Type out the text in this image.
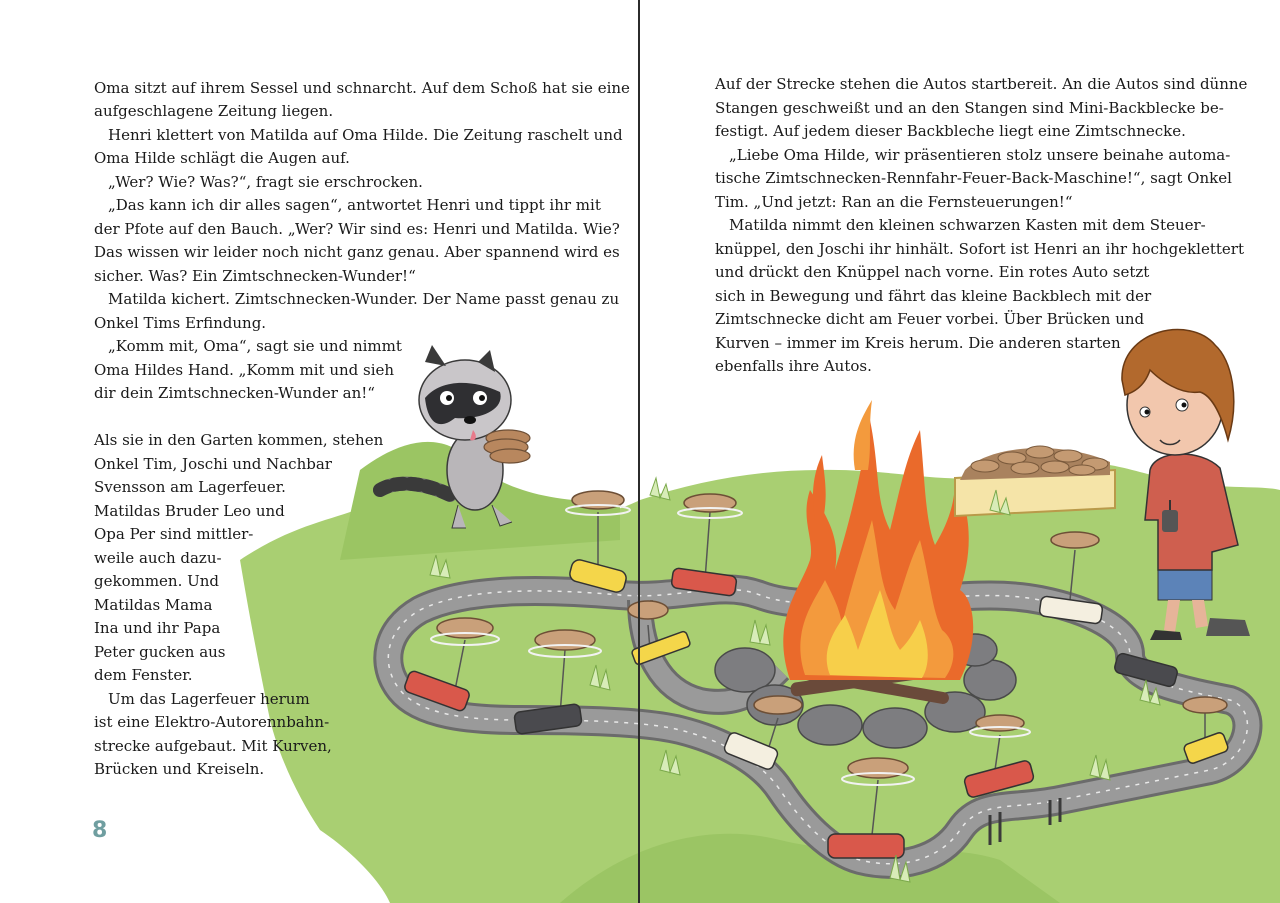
Oma sitzt auf ihrem Sessel und schnarcht. Auf dem Schoß hat sie eine
aufgeschlagene Zeitung liegen.
Henri klettert von Matilda auf Oma Hilde. Die Zeitung raschelt und
Oma Hilde schlägt die Augen auf.
„Wer? Wie? Was?“, fragt sie erschrocken.
„Das kann ich dir alles sagen“, antwortet Henri und tippt ihr mit
der Pfote auf den Bauch. „Wer? Wir sind es: Henri und Matilda. Wie?
Das wissen wir leider noch nicht ganz genau. Aber spannend wird es
sicher. Was? Ein Zimtschnecken-Wunder!“
Matilda kichert. Zimtschnecken-Wunder. Der Name passt genau zu
Onkel Tims Erfindung.
„Komm mit, Oma“, sagt sie und nimmt
Oma Hildes Hand. „Komm mit und sieh
dir dein Zimtschnecken-Wunder an!“
Als sie in den Garten kommen, stehen
Onkel Tim, Joschi und Nachbar
Svensson am Lagerfeuer.
Matildas Bruder Leo und
Opa Per sind mittler-
weile auch dazu-
gekommen. Und
Matildas Mama
Ina und ihr Papa
Peter gucken aus
dem Fenster.
Um das Lagerfeuer herum
ist eine Elektro-Autorennbahn-
strecke aufgebaut. Mit Kurven,
Brücken und Kreiseln.
Auf der Strecke stehen die Autos startbereit. An die Autos sind dünne
Stangen geschweißt und an den Stangen sind Mini-Backblecke be-
festigt. Auf jedem dieser Backbleche liegt eine Zimtschnecke.
„Liebe Oma Hilde, wir präsentieren stolz unsere beinahe automa-
tische Zimtschnecken-Rennfahr-Feuer-Back-Maschine!“, sagt Onkel
Tim. „Und jetzt: Ran an die Fernsteuerungen!“
Matilda nimmt den kleinen schwarzen Kasten mit dem Steuer-
knüppel, den Joschi ihr hinhält. Sofort ist Henri an ihr hochgeklettert
und drückt den Knüppel nach vorne. Ein rotes Auto setzt
sich in Bewegung und fährt das kleine Backblech mit der
Zimtschnecke dicht am Feuer vorbei. Über Brücken und
Kurven – immer im Kreis herum. Die anderen starten
ebenfalls ihre Autos.
8
